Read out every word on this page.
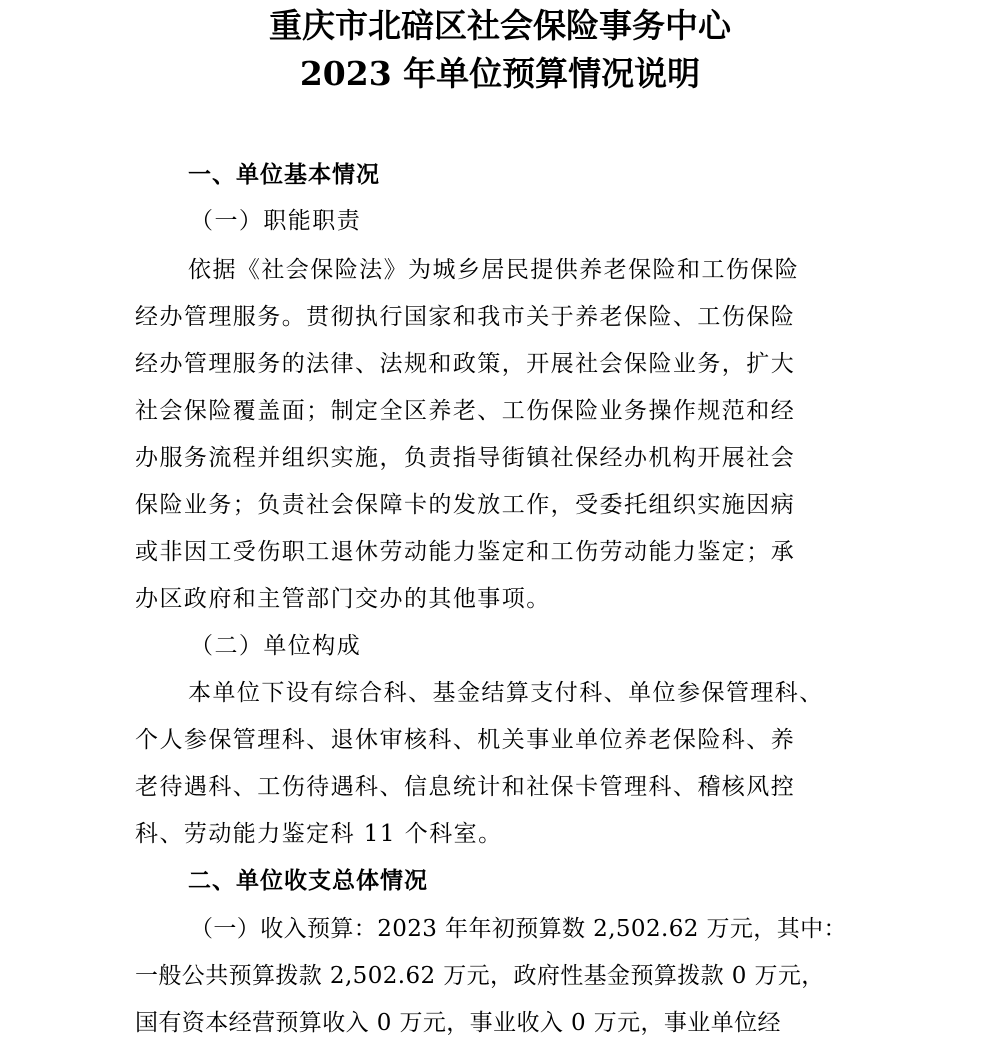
重庆市北碚区社会保险事务中心
2023 年单位预算情况说明
一、单位基本情况
（一）职能职责
依据《社会保险法》为城乡居民提供养老保险和工伤保险
经办管理服务。贯彻执行国家和我市关于养老保险、工伤保险
经办管理服务的法律、法规和政策，开展社会保险业务，扩大
社会保险覆盖面；制定全区养老、工伤保险业务操作规范和经
办服务流程并组织实施，负责指导街镇社保经办机构开展社会
保险业务；负责社会保障卡的发放工作，受委托组织实施因病
或非因工受伤职工退休劳动能力鉴定和工伤劳动能力鉴定；承
办区政府和主管部门交办的其他事项。
（二）单位构成
本单位下设有综合科、基金结算支付科、单位参保管理科、
个人参保管理科、退休审核科、机关事业单位养老保险科、养
老待遇科、工伤待遇科、信息统计和社保卡管理科、稽核风控
科、劳动能力鉴定科 11 个科室。
二、单位收支总体情况
（一）收入预算：2023 年年初预算数 2,502.62 万元，其中：
一般公共预算拨款 2,502.62 万元，政府性基金预算拨款 0 万元，
国有资本经营预算收入 0 万元，事业收入 0 万元，事业单位经
